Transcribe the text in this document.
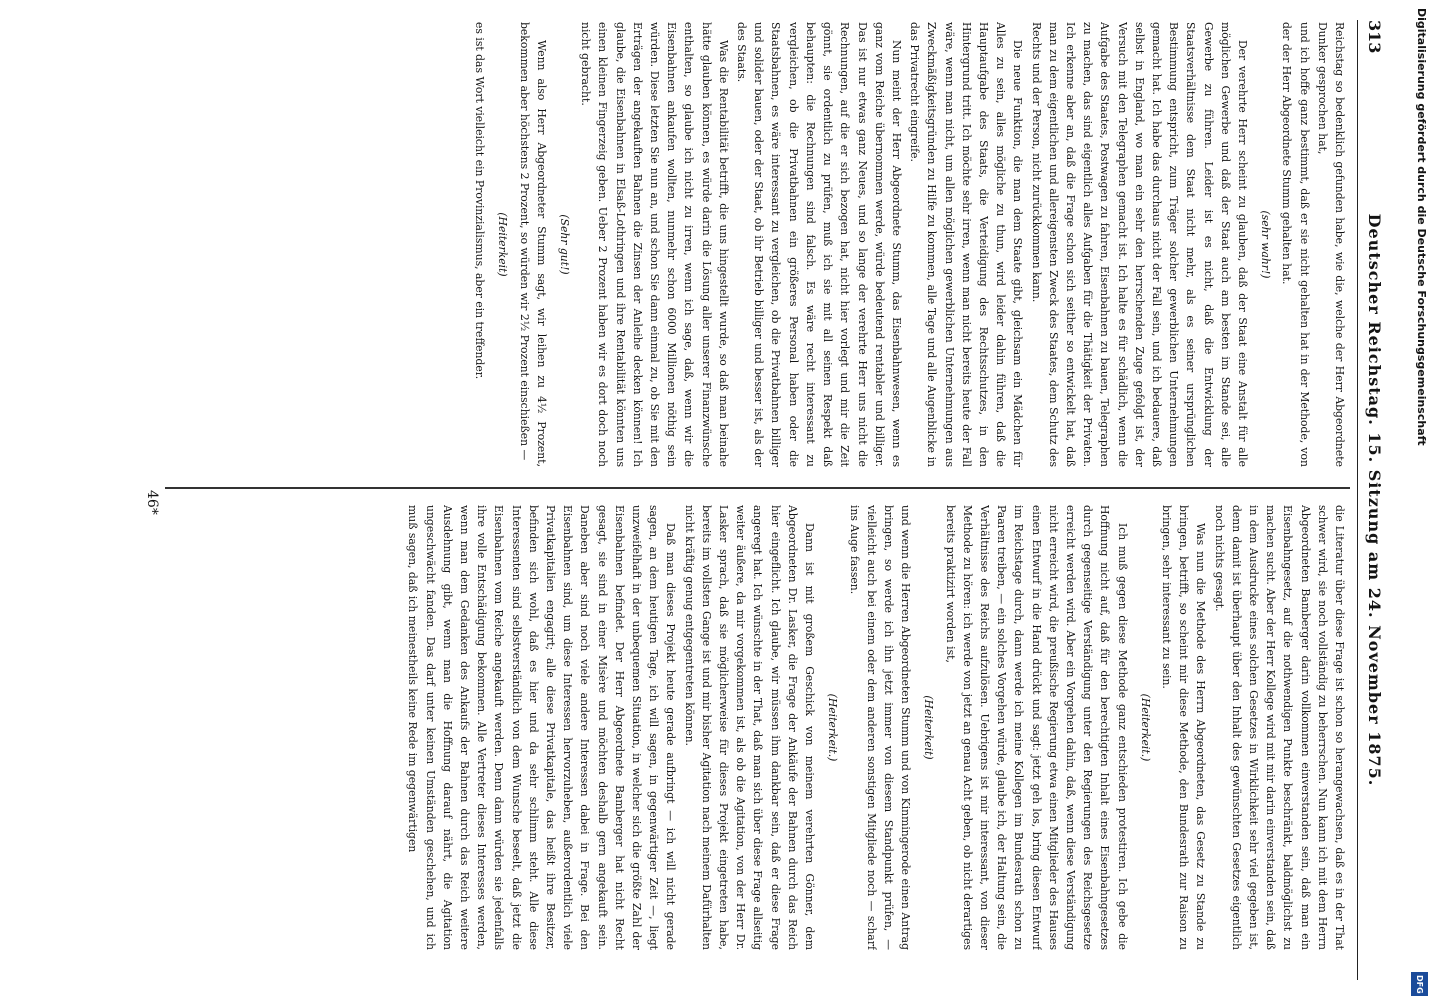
313
Deutscher Reichstag. 15. Sitzung am 24. November 1875.

Reichstag so bedenklich gefunden habe, wie die, welche der Herr Abgeordnete Dunker gesprochen hat,

und ich hoffe ganz bestimmt, daß er sie nicht gehalten hat in der Methode, von der der Herr Abgeordnete Stumm gehalten hat.

(sehr wahr!)

Der verehrte Herr scheint zu glauben, daß der Staat eine Anstalt für alle möglichen Gewerbe und daß der Staat auch am besten im Stande sei, alle Gewerbe zu führen. Leider ist es nicht, daß die Entwicklung der Staatsverhältnisse dem Staat nicht mehr, als es seiner ursprünglichen Bestimmung entspricht, zum Träger solcher gewerblichen Unternehmungen gemacht hat. Ich habe das durchaus nicht der Fall sein, und ich bedauere, daß selbst in England, wo man ein sehr den herrschenden Zuge gefolgt ist, der Versuch mit den Telegraphen gemacht ist. Ich halte es für schädlich, wenn die Aufgabe des Staates, Postwagen zu fahren, Eisenbahnen zu bauen, Telegraphen zu machen, das sind eigentlich alles Aufgaben für die Thätigkeit der Privaten. Ich erkenne aber an, daß die Frage schon sich seither so entwickelt hat, daß man zu dem eigentlichen und allereigensten Zweck des Staates, dem Schutz des Rechts und der Person, nicht zurückkommen kann.

Die neue Funktion, die man dem Staate gibt, gleichsam ein Mädchen für Alles zu sein, alles mögliche zu thun, wird leider dahin führen, daß die Hauptaufgabe des Staats, die Verteidigung des Rechtsschutzes, in den Hintergrund tritt. Ich möchte sehr irren, wenn man nicht bereits heute der Fall wäre, wenn man nicht, um allen möglichen gewerblichen Unternehmungen aus Zweckmäßigkeitsgründen zu Hilfe zu kommen, alle Tage und alle Augenblicke in das Privatrecht eingreife.

Nun meint der Herr Abgeordnete Stumm, das Eisenbahnwesen, wenn es ganz vom Reiche übernommen werde, würde bedeutend rentabler und billiger. Das ist nur etwas ganz Neues, und so lange der verehrte Herr uns nicht die Rechnungen, auf die er sich bezogen hat, nicht hier vorlegt und mir die Zeit gönnt, sie ordentlich zu prüfen, muß ich sie mit all seinen Respekt daß behaupten: die Rechnungen sind falsch. Es wäre recht interessant zu vergleichen, ob die Privatbahnen ein größeres Personal haben oder die Staatsbahnen, es wäre interessant zu vergleichen, ob die Privatbahnen billiger und solider bauen, oder der Staat, ob ihr Betrieb billiger und besser ist, als der des Staats.

Was die Rentabilität betrifft, die uns hingestellt wurde, so daß man beinahe hätte glauben können, es würde darin die Lösung aller unserer Finanzwünsche enthalten, so glaube ich nicht zu irren, wenn ich sage, daß, wenn wir die Eisenbahnen ankaufen wollten, nunmehr schon 6000 Millionen nöthig sein würden. Diese letzten Sie nun an, und schon Sie dann einmal zu, ob Sie mit den Erträgen der angekauften Bahnen die Zinsen der Anleihe decken können! Ich glaube, die Eisenbahnen in Elsaß-Lothringen und ihre Rentabilität könnten uns einen kleinen Fingerzeig geben. Ueber 2 Prozent haben wir es dort doch noch nicht gebracht.

(Sehr gut!)

Wenn also Herr Abgeordneter Stumm sagt, wir leihen zu 4½ Prozent, bekommen aber höchstens 2 Prozent, so würden wir 2½ Prozent einschießen —

(Heiterkeit)

es ist das Wort vielleicht ein Provinzialismus, aber ein treffender.

die Literatur über diese Frage ist schon so herangewachsen, daß es in der That schwer wird, sie noch vollständig zu beherrschen. Nun kann ich mit dem Herrn Abgeordneten Bamberger darin vollkommen einverstanden sein, daß man ein Eisenbahngesetz, auf die nothwendigen Punkte beschränkt, baldmöglichst zu machen sucht. Aber der Herr Kollege wird mit mir darin einverstanden sein, daß in dem Ausdrucke eines solchen Gesetzes in Wirklichkeit sehr viel gegeben ist, denn damit ist überhaupt über den Inhalt des gewünschten Gesetzes eigentlich noch nichts gesagt.

Was nun die Methode des Herrn Abgeordneten, das Gesetz zu Stande zu bringen, betrifft, so scheint mir diese Methode, den Bundesrath zur Raison zu bringen, sehr interessant zu sein.

(Heiterkeit.)

Ich muß gegen diese Methode ganz entschieden protestiren. Ich gebe die Hoffnung nicht auf, daß für den berechtigten Inhalt eines Eisenbahngesetzes durch gegenseitige Verständigung unter den Regierungen des Reichsgesetze erreicht werden wird. Aber ein Vorgehen dahin, daß, wenn diese Verständigung nicht erreicht wird, die preußische Regierung etwa einen Mitglieder des Hauses einen Entwurf in die Hand drückt und sagt: jetzt geh los, bring diesen Entwurf im Reichstage durch, dann werde ich meine Kollegen im Bundesrath schon zu Paaren treiben, — ein solches Vorgehen würde, glaube ich, der Haltung sein, die Verhältnisse des Reichs aufzulösen. Uebrigens ist mir interessant, von dieser Methode zu hören: ich werde von jetzt an genau Acht geben, ob nicht derartiges bereits praktizirt worden ist,

(Heiterkeit)

und wenn die Herren Abgeordneten Stumm und von Kinmingerode einen Antrag bringen, so werde ich ihn jetzt immer von diesem Standpunkt prüfen, — vielleicht auch bei einem oder dem anderen sonstigen Mitgliede noch — scharf ins Auge fassen.

(Heiterkeit.)

Dann ist mit großem Geschick von meinem verehrten Gönner, dem Abgeordneten Dr. Lasker, die Frage der Ankäufe der Bahnen durch das Reich hier eingeflicht. Ich glaube, wir müssen ihm dankbar sein, daß er diese Frage angeregt hat. Ich wünschte in der That, daß man sich über diese Frage allseitig weiter äußere, da mir vorgekommen ist, als ob die Agitation, von der Herr Dr. Lasker sprach, daß sie möglicherweise für dieses Projekt eingetreten habe, bereits im vollsten Gange ist und mir bisher Agitation nach meinem Dafürhalten nicht kräftig genug entgegentreten können.

Daß man dieses Projekt heute gerade aufbringt — ich will nicht gerade sagen, an dem heutigen Tage, ich will sagen, in gegenwärtiger Zeit —, liegt unzweifelhaft in der unbequemen Situation, in welcher sich die größte Zahl der Eisenbahnen befindet. Der Herr Abgeordnete Bamberger hat nicht Recht gesagt, sie sind in einer Misère und möchten deshalb gern angekauft sein. Daneben aber sind noch viele andere Interessen dabei in Frage. Bei den Eisenbahnen sind, um diese Interessen hervorzuheben, außerordentlich viele Privatkapitalien engagirt; alle diese Privatkapitale, das heißt ihre Besitzer, befinden sich wohl, daß es hier und da sehr schlimm steht. Alle diese Interessenten sind selbstverständlich von dem Wunsche beseelt, daß jetzt die Eisenbahnen vom Reiche angekauft werden. Denn dann würden sie jedenfalls ihre volle Entschädigung bekommen. Alle Vertreter dieses Interesses werden, wenn man dem Gedanken des Ankaufs der Bahnen durch das Reich weitere Ausdehnung gibt, wenn man die Hoffnung darauf nährt, die Agitation ungeschwächt fanden. Das darf unter keinen Umständen geschehen, und ich muß sagen, daß ich meinestheils keine Rede im gegenwärtigen

46*
Digitalisierung gefördert durch die Deutsche Forschungsgemeinschaft
DFG
